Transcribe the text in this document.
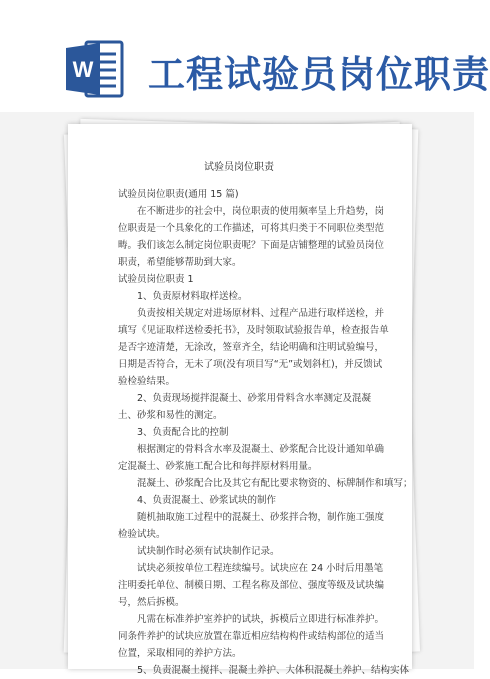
W 工程试验员岗位职责
试验员岗位职责

试验员岗位职责(通用 15 篇)

在不断进步的社会中，岗位职责的使用频率呈上升趋势，岗位职责是一个具象化的工作描述，可将其归类于不同职位类型范畴。我们该怎么制定岗位职责呢？下面是店铺整理的试验员岗位职责，希望能够帮助到大家。

试验员岗位职责 1

1、负责原材料取样送检。

负责按相关规定对进场原材料、过程产品进行取样送检，并填写《见证取样送检委托书》，及时领取试验报告单，检查报告单是否字迹清楚，无涂改，签章齐全，结论明确和注明试验编号，日期是否符合，无未了项(没有项目写“无”或划斜杠)，并反馈试验检验结果。

2、负责现场搅拌混凝土、砂浆用骨料含水率测定及混凝土、砂浆和易性的测定。

3、负责配合比的控制

根据测定的骨料含水率及混凝土、砂浆配合比设计通知单确定混凝土、砂浆施工配合比和每拌原材料用量。

混凝土、砂浆配合比及其它有配比要求物资的、标牌制作和填写；

4、负责混凝土、砂浆试块的制作

随机抽取施工过程中的混凝土、砂浆拌合物，制作施工强度检验试块。

试块制作时必须有试块制作记录。

试块必须按单位工程连续编号。试块应在 24 小时后用墨笔注明委托单位、制模日期、工程名称及部位、强度等级及试块编号，然后拆模。

凡需在标准养护室养护的试块，拆模后立即进行标准养护。同条件养护的试块应放置在靠近相应结构构件或结构部位的适当位置，采取相同的养护方法。

5、负责混凝土搅拌、混凝土养护、大体积混凝土养护、结构实体
